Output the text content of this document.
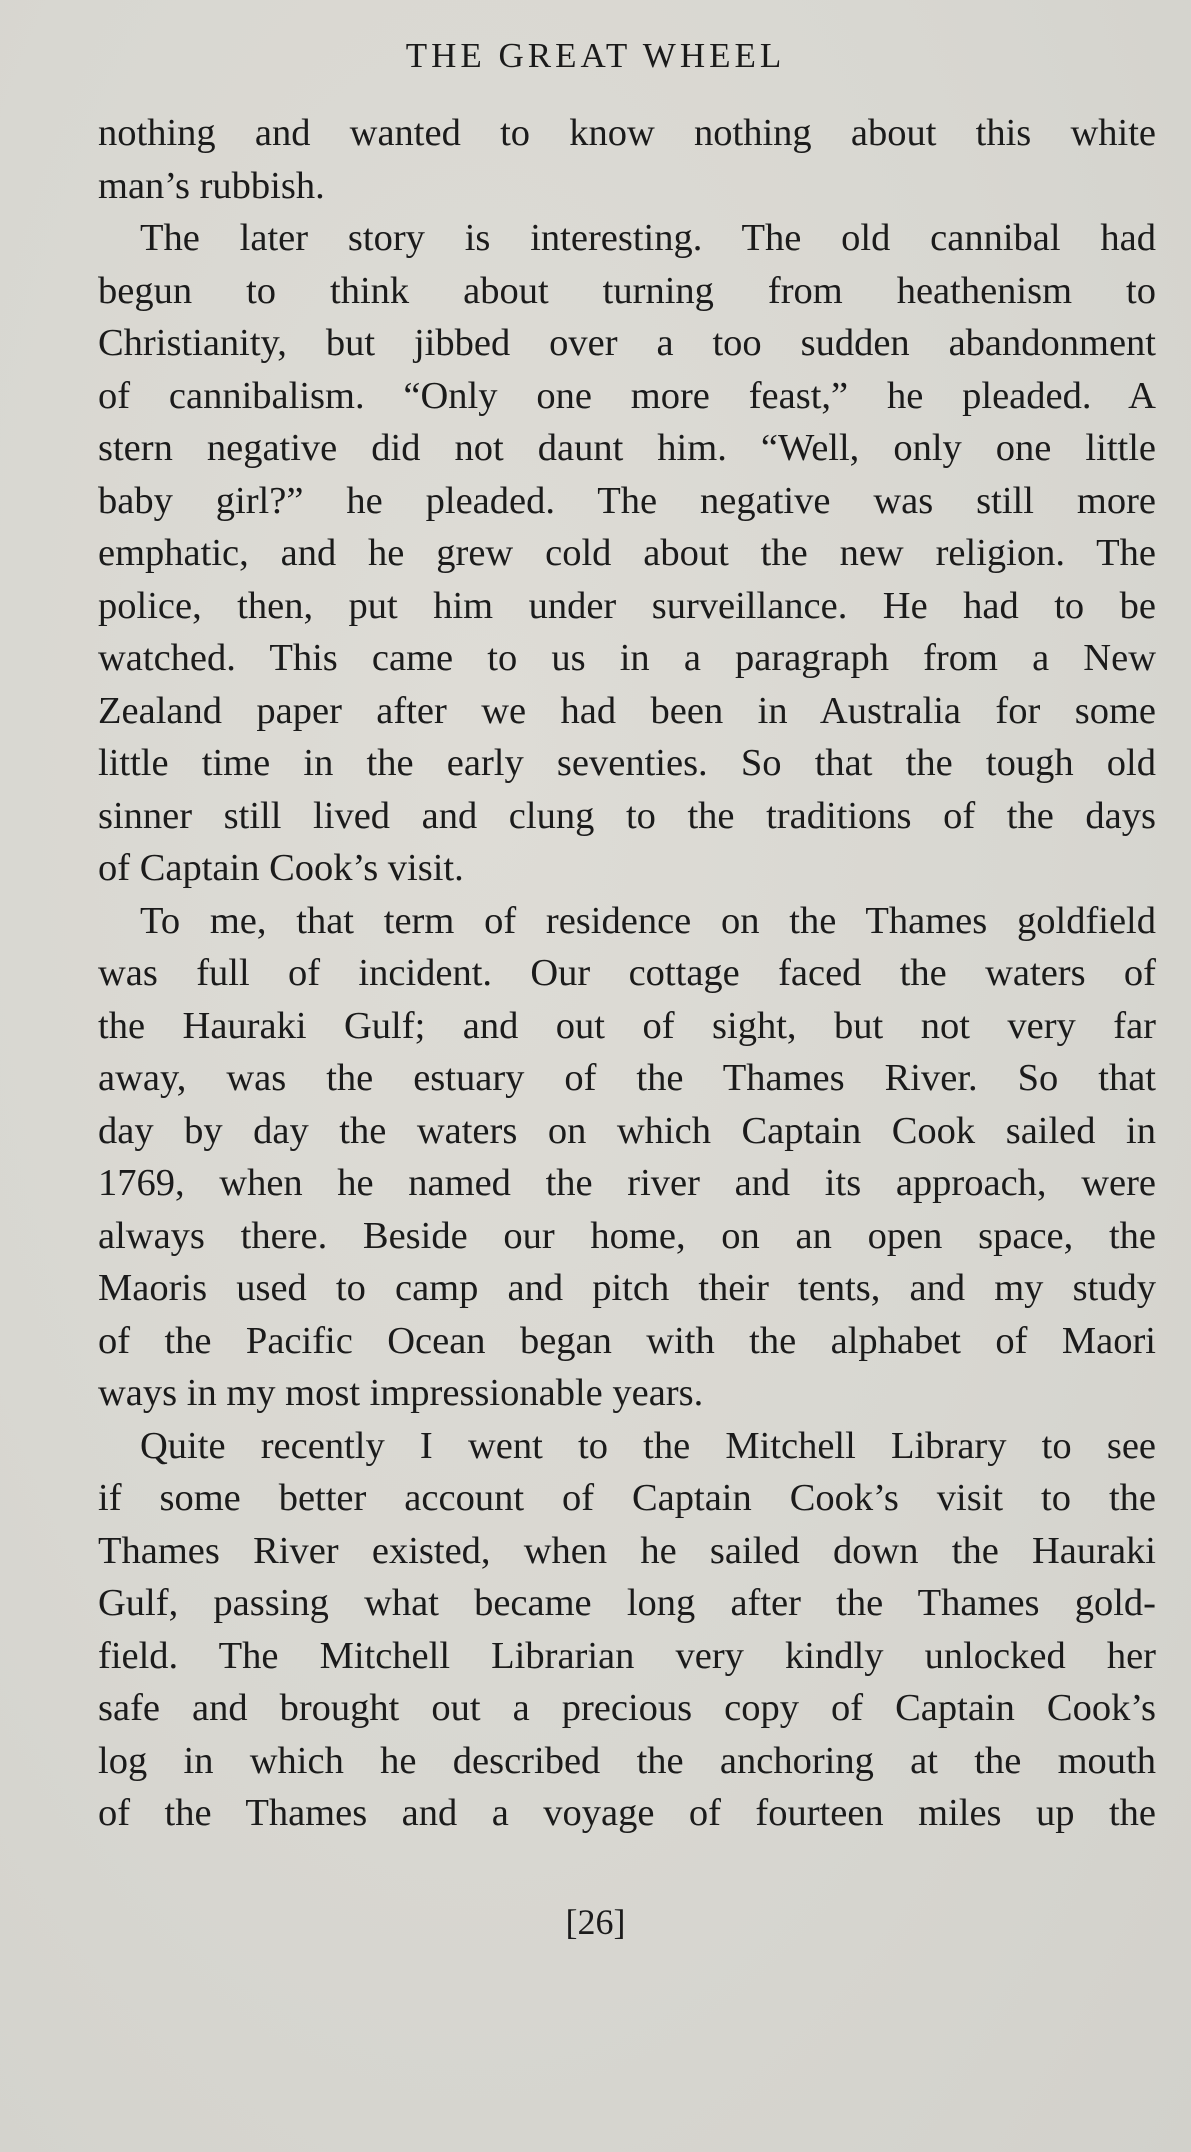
THE GREAT WHEEL
nothing and wanted to know nothing about this white
man’s rubbish.
The later story is interesting. The old cannibal had
begun to think about turning from heathenism to
Christianity, but jibbed over a too sudden abandonment
of cannibalism. “Only one more feast,” he pleaded. A
stern negative did not daunt him. “Well, only one little
baby girl?” he pleaded. The negative was still more
emphatic, and he grew cold about the new religion. The
police, then, put him under surveillance. He had to be
watched. This came to us in a paragraph from a New
Zealand paper after we had been in Australia for some
little time in the early seventies. So that the tough old
sinner still lived and clung to the traditions of the days
of Captain Cook’s visit.
To me, that term of residence on the Thames goldfield
was full of incident. Our cottage faced the waters of
the Hauraki Gulf; and out of sight, but not very far
away, was the estuary of the Thames River. So that
day by day the waters on which Captain Cook sailed in
1769, when he named the river and its approach, were
always there. Beside our home, on an open space, the
Maoris used to camp and pitch their tents, and my study
of the Pacific Ocean began with the alphabet of Maori
ways in my most impressionable years.
Quite recently I went to the Mitchell Library to see
if some better account of Captain Cook’s visit to the
Thames River existed, when he sailed down the Hauraki
Gulf, passing what became long after the Thames gold-
field. The Mitchell Librarian very kindly unlocked her
safe and brought out a precious copy of Captain Cook’s
log in which he described the anchoring at the mouth
of the Thames and a voyage of fourteen miles up the
[26]
